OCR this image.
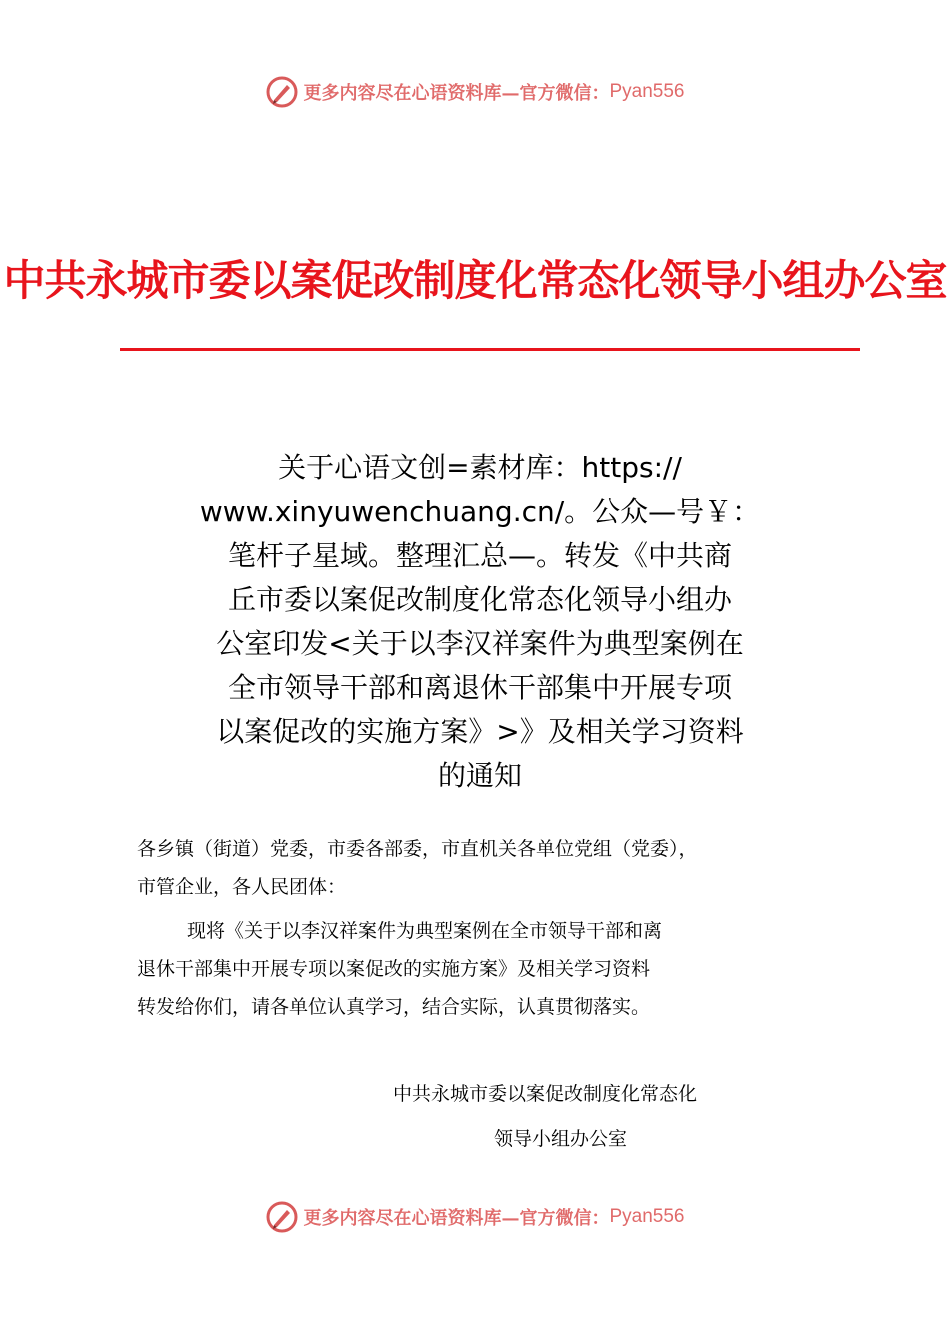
更多内容尽在心语资料库—官方微信： Pyan556
中共永城市委以案促改制度化常态化领导小组办公室
关于心语文创=素材库：https://
www.xinyuwenchuang.cn/。公众—号￥：
笔杆子星域。整理汇总—。转发《中共商
丘市委以案促改制度化常态化领导小组办
公室印发<关于以李汉祥案件为典型案例在
全市领导干部和离退休干部集中开展专项
以案促改的实施方案》>》及相关学习资料
的通知
各乡镇（街道）党委，市委各部委，市直机关各单位党组（党委），
市管企业，各人民团体：
现将《关于以李汉祥案件为典型案例在全市领导干部和离
退休干部集中开展专项以案促改的实施方案》及相关学习资料
转发给你们，请各单位认真学习，结合实际，认真贯彻落实。
中共永城市委以案促改制度化常态化
领导小组办公室
更多内容尽在心语资料库—官方微信： Pyan556
